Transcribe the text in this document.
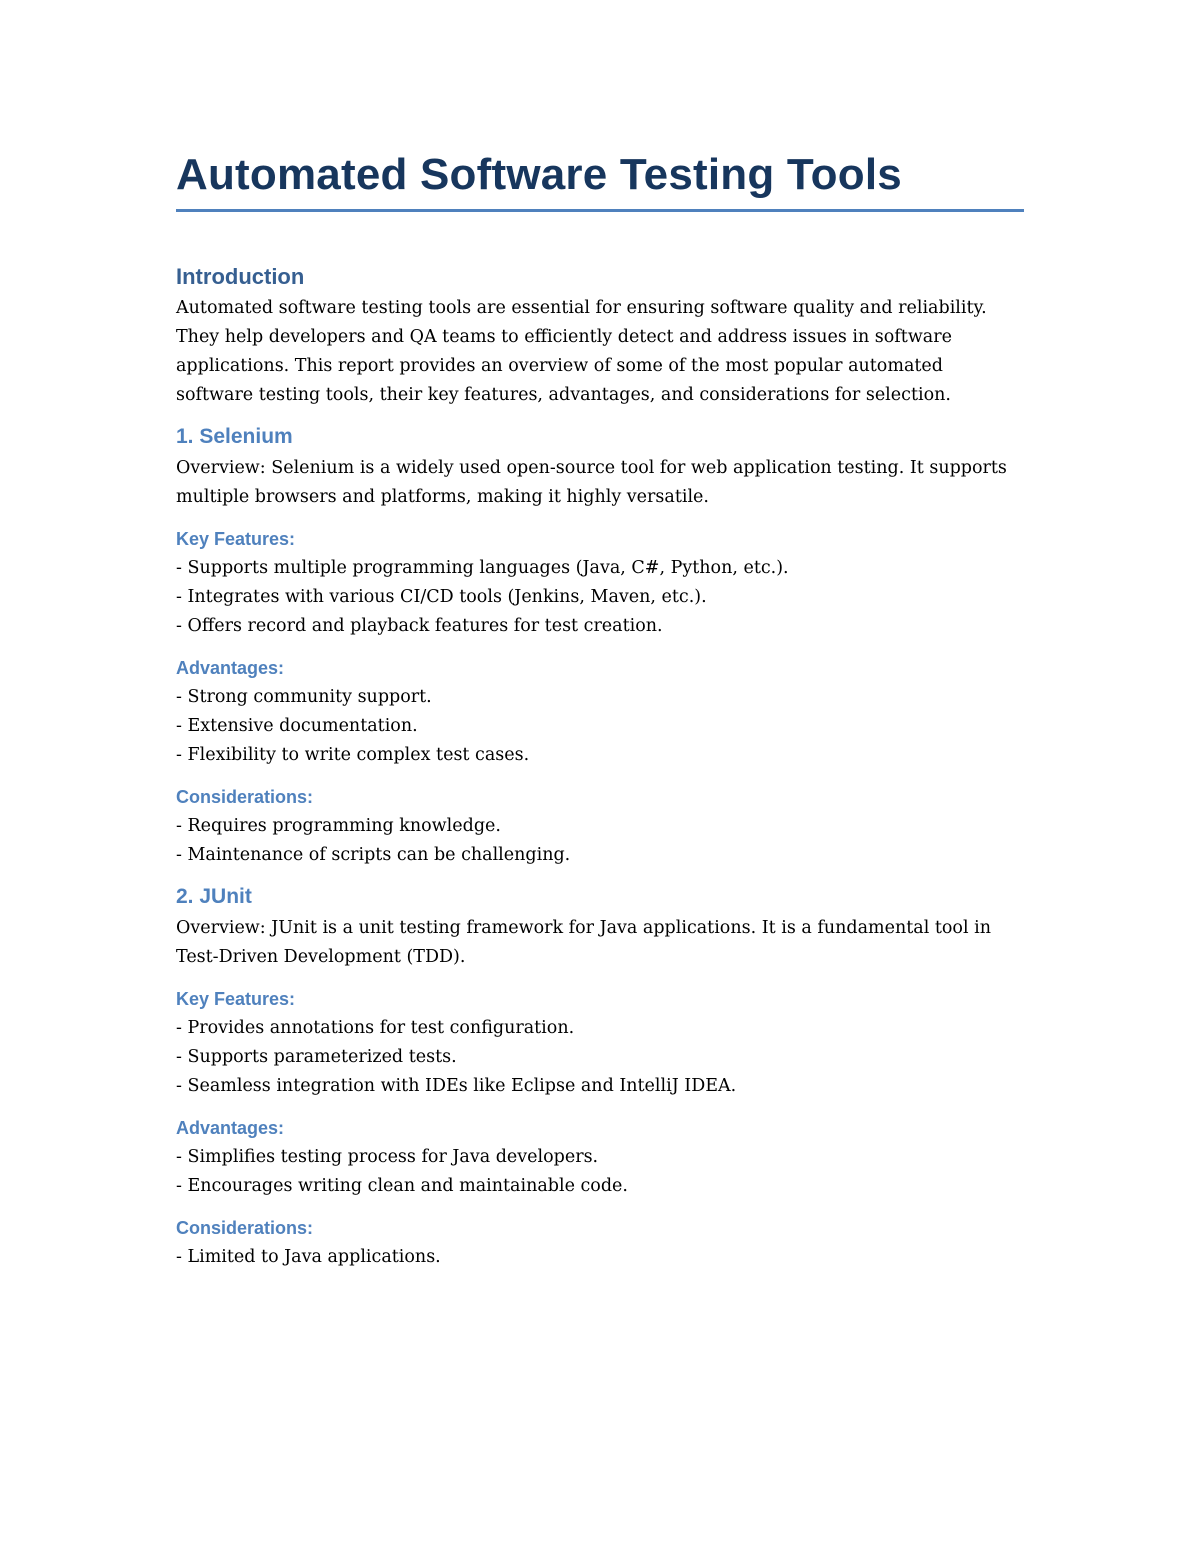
Automated Software Testing Tools
Introduction

Automated software testing tools are essential for ensuring software quality and reliability. They help developers and QA teams to efficiently detect and address issues in software applications. This report provides an overview of some of the most popular automated software testing tools, their key features, advantages, and considerations for selection.

1. Selenium

Overview: Selenium is a widely used open-source tool for web application testing. It supports multiple browsers and platforms, making it highly versatile.

Key Features:
- Supports multiple programming languages (Java, C#, Python, etc.).
- Integrates with various CI/CD tools (Jenkins, Maven, etc.).
- Offers record and playback features for test creation.
Advantages:
- Strong community support.
- Extensive documentation.
- Flexibility to write complex test cases.
Considerations:
- Requires programming knowledge.
- Maintenance of scripts can be challenging.
2. JUnit

Overview: JUnit is a unit testing framework for Java applications. It is a fundamental tool in Test-Driven Development (TDD).

Key Features:
- Provides annotations for test configuration.
- Supports parameterized tests.
- Seamless integration with IDEs like Eclipse and IntelliJ IDEA.
Advantages:
- Simplifies testing process for Java developers.
- Encourages writing clean and maintainable code.
Considerations:
- Limited to Java applications.
